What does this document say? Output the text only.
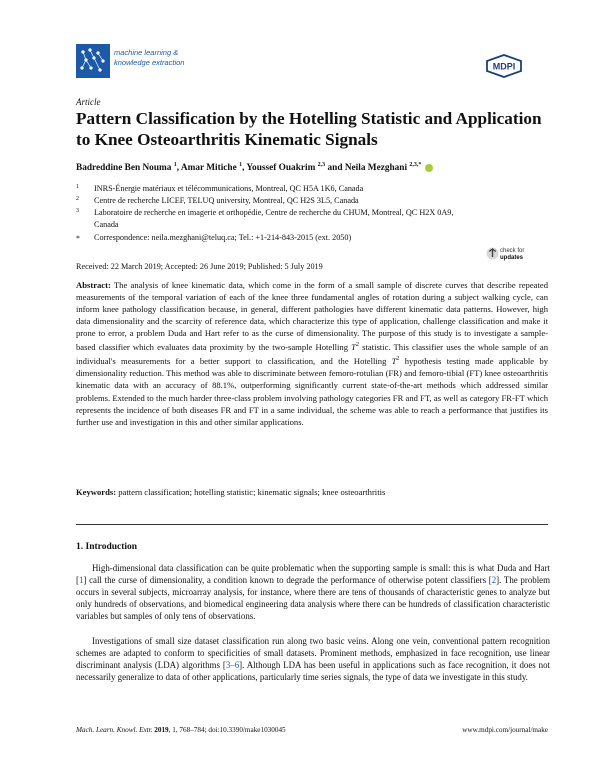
machine learning &
knowledge extraction	MDPI
Article
Pattern Classification by the Hotelling Statistic and Application to Knee Osteoarthritis Kinematic Signals
Badreddine Ben Nouma $^1$, Amar Mitiche $^1$, Youssef Ouakrim $^{2,3}$ and Neila Mezghani $^{2,3,*}$
1 INRS-Énergie matériaux et télécommunications, Montreal, QC H5A 1K6, Canada
2 Centre de recherche LICEF, TELUQ university, Montreal, QC H2S 3L5, Canada
3 Laboratoire de recherche en imagerie et orthopédie, Centre de recherche du CHUM, Montreal, QC H2X 0A9,
Canada
* Correspondence: neila.mezghani@teluq.ca; Tel.: +1-214-843-2015 (ext. 2050)
check for
updates
Received: 22 March 2019; Accepted: 26 June 2019; Published: 5 July 2019
Abstract: The analysis of knee kinematic data, which come in the form of a small sample of discrete curves that describe repeated measurements of the temporal variation of each of the knee three fundamental angles of rotation during a subject walking cycle, can inform knee pathology classification because, in general, different pathologies have different kinematic data patterns. However, high data dimensionality and the scarcity of reference data, which characterize this type of application, challenge classification and make it prone to error, a problem Duda and Hart refer to as the curse of dimensionality. The purpose of this study is to investigate a sample-based classifier which evaluates data proximity by the two-sample Hotelling $T^2$ statistic. This classifier uses the whole sample of an individual's measurements for a better support to classification, and the Hotelling $T^2$ hypothesis testing made applicable by dimensionality reduction. This method was able to discriminate between femoro-rotulian (FR) and femoro-tibial (FT) knee osteoarthritis kinematic data with an accuracy of 88.1%, outperforming significantly current state-of-the-art methods which addressed similar problems. Extended to the much harder three-class problem involving pathology categories FR and FT, as well as category FR-FT which represents the incidence of both diseases FR and FT in a same individual, the scheme was able to reach a performance that justifies its further use and investigation in this and other similar applications.
Keywords: pattern classification; hotelling statistic; kinematic signals; knee osteoarthritis
1. Introduction

High-dimensional data classification can be quite problematic when the supporting sample is small: this is what Duda and Hart [1] call the curse of dimensionality, a condition known to degrade the performance of otherwise potent classifiers [2]. The problem occurs in several subjects, microarray analysis, for instance, where there are tens of thousands of characteristic genes to analyze but only hundreds of observations, and biomedical engineering data analysis where there can be hundreds of classification characteristic variables but samples of only tens of observations.

Investigations of small size dataset classification run along two basic veins. Along one vein, conventional pattern recognition schemes are adapted to conform to specificities of small datasets. Prominent methods, emphasized in face recognition, use linear discriminant analysis (LDA) algorithms [3–6]. Although LDA has been useful in applications such as face recognition, it does not necessarily generalize to data of other applications, particularly time series signals, the type of data we investigate in this study.

Mach. Learn. Knowl. Extr. 2019, 1, 768–784; doi:10.3390/make1030045	www.mdpi.com/journal/make
